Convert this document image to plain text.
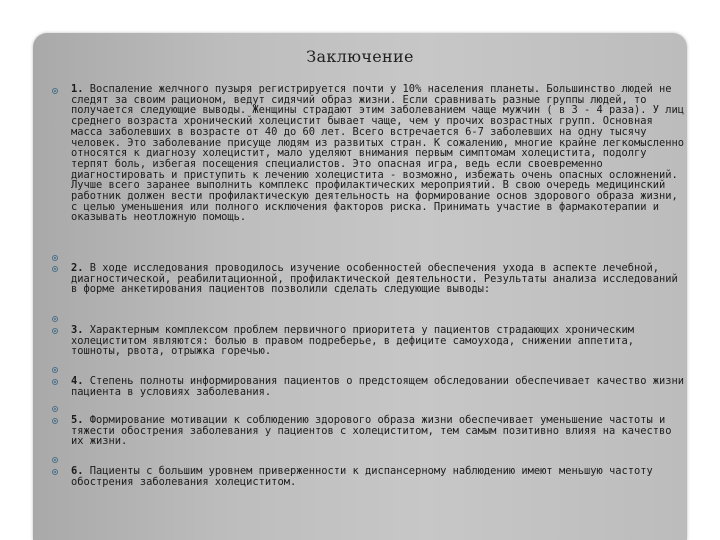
Заключение

1. Воспаление желчного пузыря регистрируется почти у 10% населения планеты. Большинство людей не следят за своим рационом, ведут сидячий образ жизни. Если сравнивать разные группы людей, то получается следующие выводы. Женщины страдают этим заболеванием чаще мужчин ( в 3 - 4 раза). У лиц среднего возраста хронический холецистит бывает чаще, чем у прочих возрастных групп. Основная масса заболевших в возрасте от 40 до 60 лет. Всего встречается 6-7 заболевших на одну тысячу человек. Это заболевание присуще людям из развитых стран. К сожалению, многие крайне легкомысленно относятся к диагнозу холецистит, мало уделяют внимания первым симптомам холецистита, подолгу терпят боль, избегая посещения специалистов. Это опасная игра, ведь если своевременно диагностировать и приступить к лечению холецистита - возможно, избежать очень опасных осложнений. Лучше всего заранее выполнить комплекс профилактических мероприятий. В свою очередь медицинский работник должен вести профилактическую деятельность на формирование основ здорового образа жизни, с целью уменьшения или полного исключения факторов риска. Принимать участие в фармакотерапии и оказывать неотложную помощь.

2. В ходе исследования проводилось изучение особенностей обеспечения ухода в аспекте лечебной, диагностической, реабилитационной, профилактической деятельности. Результаты анализа исследований в форме анкетирования пациентов позволили сделать следующие выводы:

3. Характерным комплексом проблем первичного приоритета у пациентов страдающих хроническим холециститом являются: болью в правом подреберье, в дефиците самоухода, снижении аппетита, тошноты, рвота, отрыжка горечью.

4. Степень полноты информирования пациентов о предстоящем обследовании обеспечивает качество жизни пациента в условиях заболевания.

5. Формирование мотивации к соблюдению здорового образа жизни обеспечивает уменьшение частоты и тяжести обострения заболевания у пациентов с холециститом, тем самым позитивно влияя на качество их жизни.

6. Пациенты с большим уровнем приверженности к диспансерному наблюдению имеют меньшую частоту обострения заболевания холециститом.
